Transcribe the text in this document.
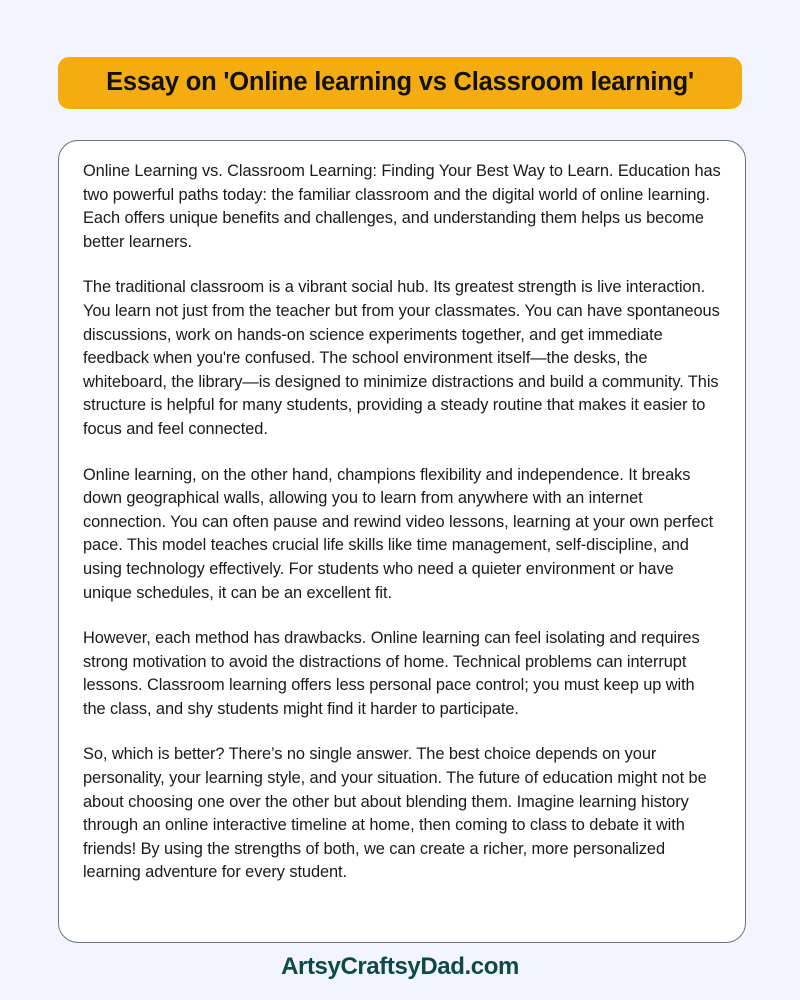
Essay on 'Online learning vs Classroom learning'

Online Learning vs. Classroom Learning: Finding Your Best Way to Learn. Education has two powerful paths today: the familiar classroom and the digital world of online learning. Each offers unique benefits and challenges, and understanding them helps us become better learners.

The traditional classroom is a vibrant social hub. Its greatest strength is live interaction. You learn not just from the teacher but from your classmates. You can have spontaneous discussions, work on hands-on science experiments together, and get immediate feedback when you're confused. The school environment itself—the desks, the whiteboard, the library—is designed to minimize distractions and build a community. This structure is helpful for many students, providing a steady routine that makes it easier to focus and feel connected.

Online learning, on the other hand, champions flexibility and independence. It breaks down geographical walls, allowing you to learn from anywhere with an internet connection. You can often pause and rewind video lessons, learning at your own perfect pace. This model teaches crucial life skills like time management, self-discipline, and using technology effectively. For students who need a quieter environment or have unique schedules, it can be an excellent fit.

However, each method has drawbacks. Online learning can feel isolating and requires strong motivation to avoid the distractions of home. Technical problems can interrupt lessons. Classroom learning offers less personal pace control; you must keep up with the class, and shy students might find it harder to participate.

So, which is better? There’s no single answer. The best choice depends on your personality, your learning style, and your situation. The future of education might not be about choosing one over the other but about blending them. Imagine learning history through an online interactive timeline at home, then coming to class to debate it with friends! By using the strengths of both, we can create a richer, more personalized learning adventure for every student.

ArtsyCraftsyDad.com
